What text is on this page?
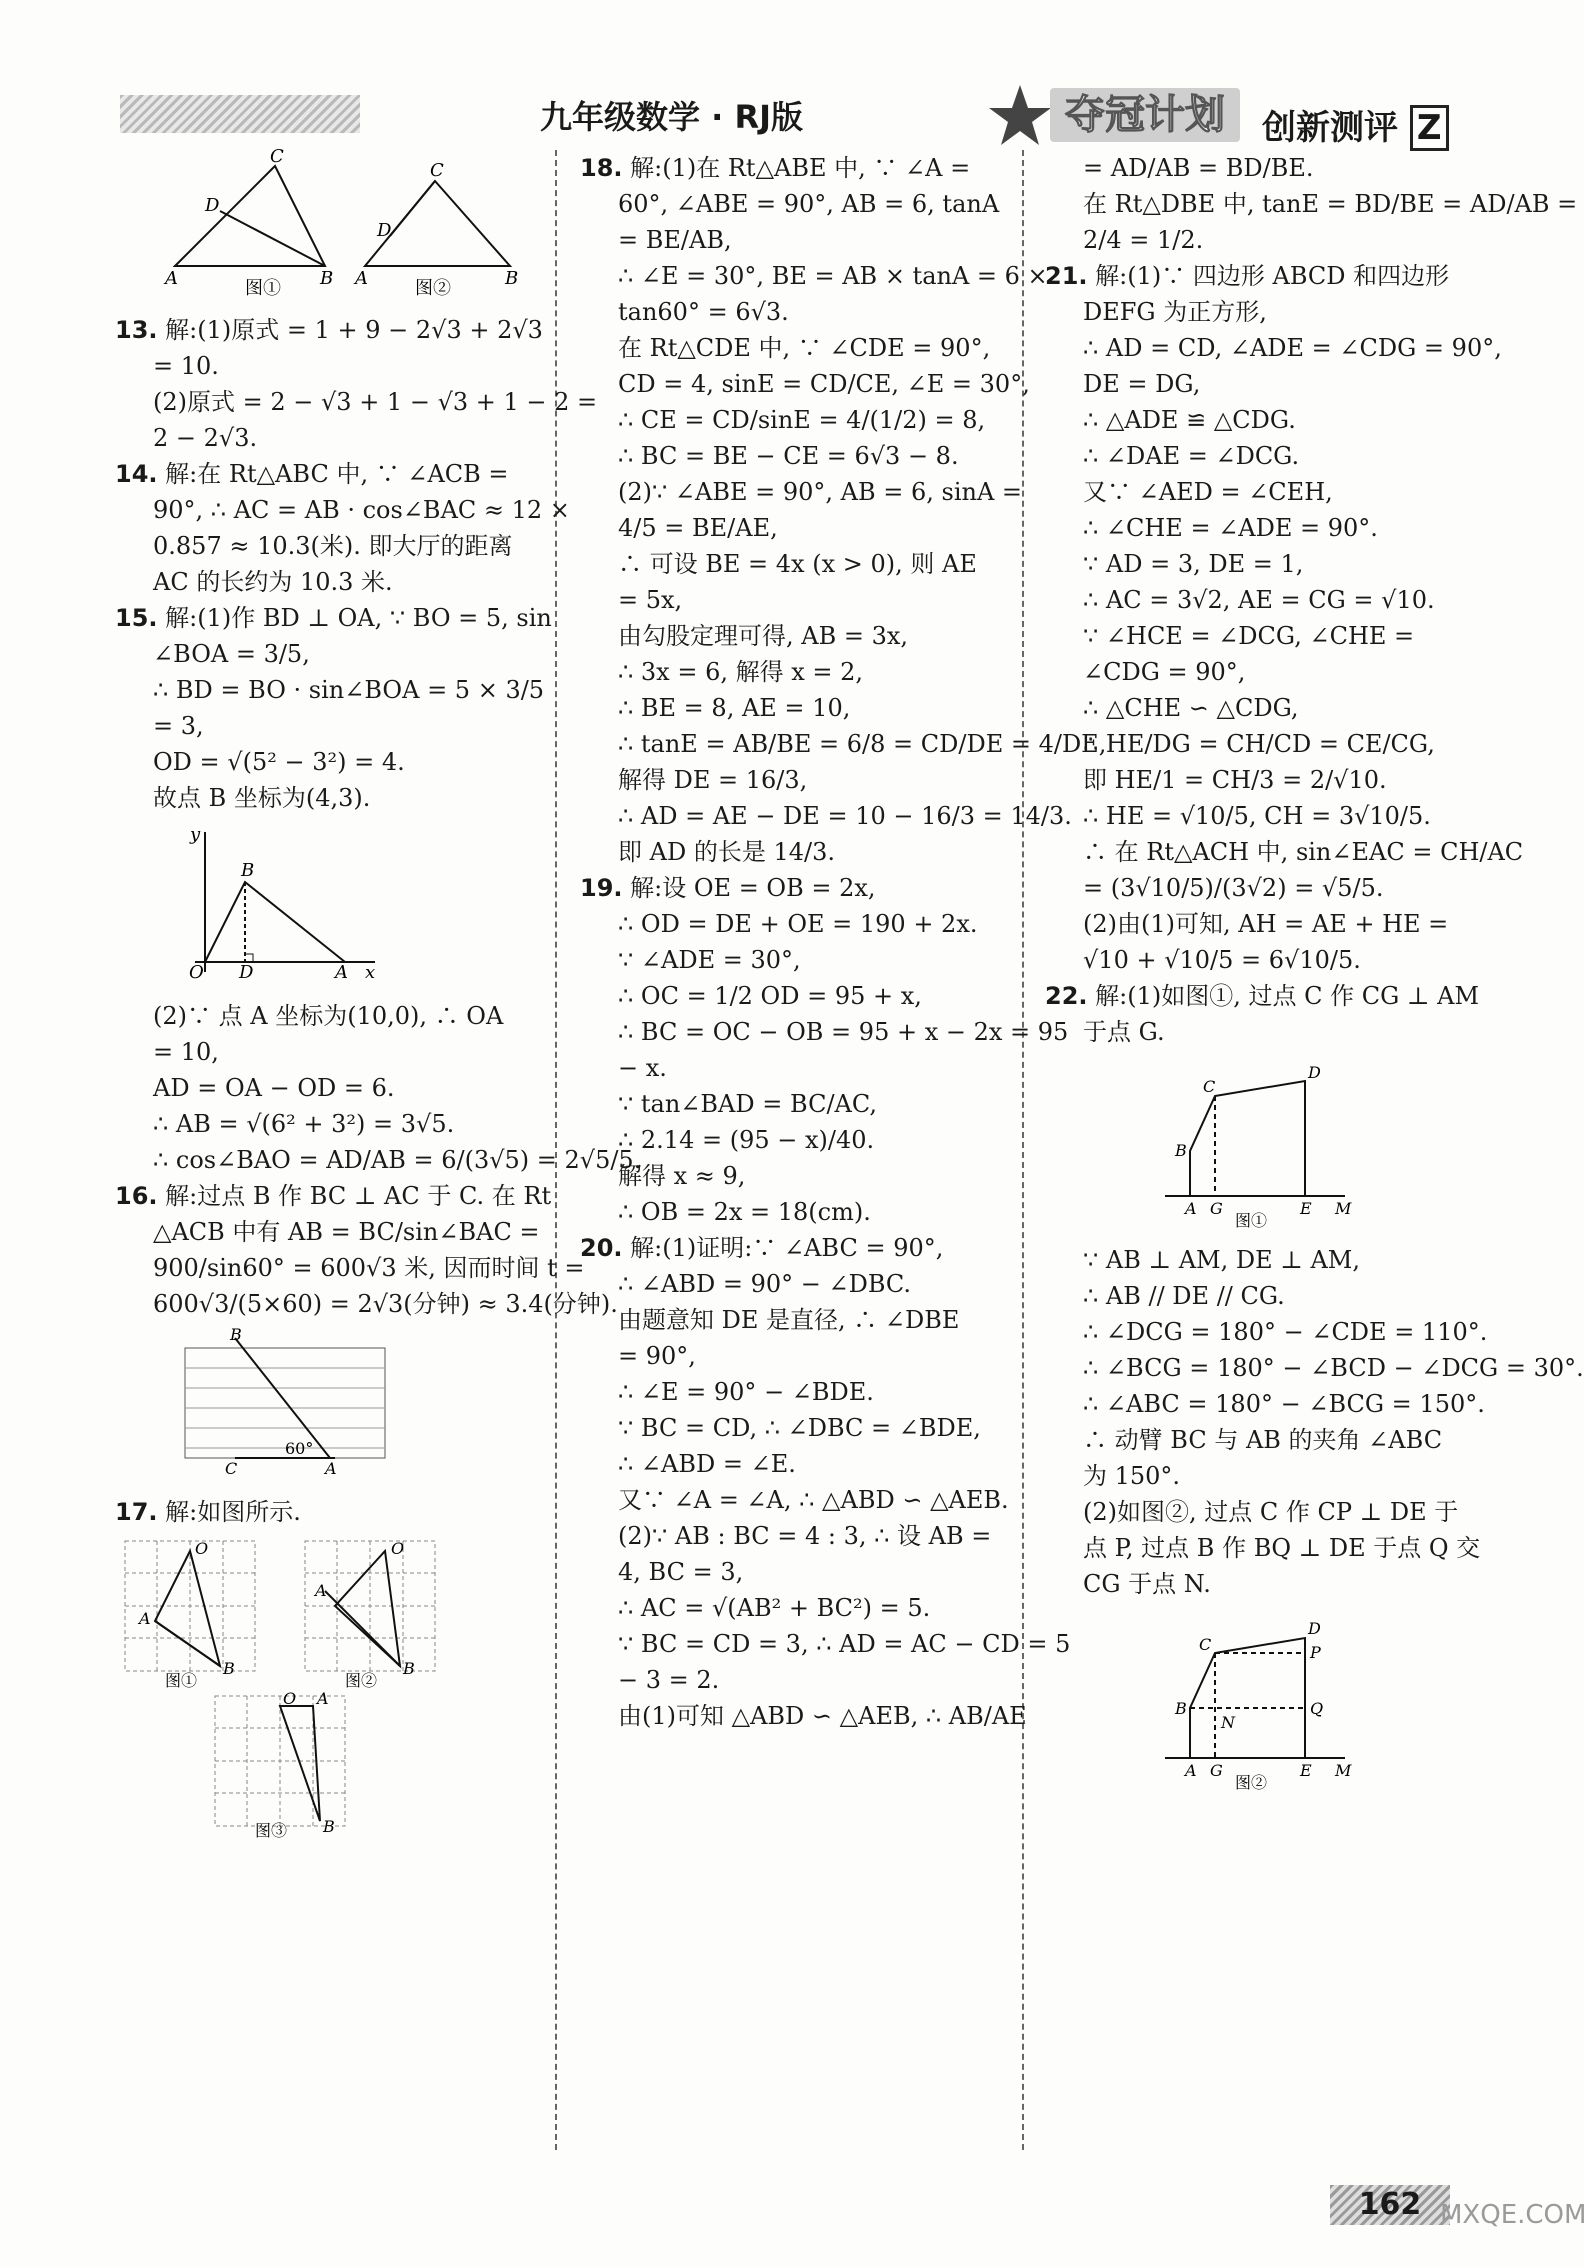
九年级数学 · RJ版	夺冠计划	创新测评 Z
A
C
D
B A
C
D
B
图①	图②
13. 解:(1)原式 = 1 + 9 − 2√3 + 2√3
= 10.
(2)原式 = 2 − √3 + 1 − √3 + 1 − 2 =
2 − 2√3.
14. 解:在 Rt△ABC 中, ∵ ∠ACB =
90°, ∴ AC = AB · cos∠BAC ≈ 12 ×
0.857 ≈ 10.3(米). 即大厅的距离
AC 的长约为 10.3 米.
15. 解:(1)作 BD ⊥ OA, ∵ BO = 5, sin
∠BOA = 3/5,
∴ BD = BO · sin∠BOA = 5 × 3/5
= 3,
OD = √(5² − 3²) = 4.
故点 B 坐标为(4,3).
O D	A x
y
B
(2)∵ 点 A 坐标为(10,0), ∴ OA
= 10,
AD = OA − OD = 6.
∴ AB = √(6² + 3²) = 3√5.
∴ cos∠BAO = AD/AB = 6/(3√5) = 2√5/5.
16. 解:过点 B 作 BC ⊥ AC 于 C. 在 Rt
△ACB 中有 AB = BC/sin∠BAC =
900/sin60° = 600√3 米, 因而时间 t =
600√3/(5×60) = 2√3(分钟) ≈ 3.4(分钟).
B
C	A
60°
17. 解:如图所示.
O
A
B
O
A
B
O A
B
图①	图②
图③
18. 解:(1)在 Rt△ABE 中, ∵ ∠A =
60°, ∠ABE = 90°, AB = 6, tanA
= BE/AB,
∴ ∠E = 30°, BE = AB × tanA = 6 ×
tan60° = 6√3.
在 Rt△CDE 中, ∵ ∠CDE = 90°,
CD = 4, sinE = CD/CE, ∠E = 30°,
∴ CE = CD/sinE = 4/(1/2) = 8,
∴ BC = BE − CE = 6√3 − 8.
(2)∵ ∠ABE = 90°, AB = 6, sinA =
4/5 = BE/AE,
∴ 可设 BE = 4x (x > 0), 则 AE
= 5x,
由勾股定理可得, AB = 3x,
∴ 3x = 6, 解得 x = 2,
∴ BE = 8, AE = 10,
∴ tanE = AB/BE = 6/8 = CD/DE = 4/DE,
解得 DE = 16/3,
∴ AD = AE − DE = 10 − 16/3 = 14/3.
即 AD 的长是 14/3.
19. 解:设 OE = OB = 2x,
∴ OD = DE + OE = 190 + 2x.
∵ ∠ADE = 30°,
∴ OC = 1/2 OD = 95 + x,
∴ BC = OC − OB = 95 + x − 2x = 95
− x.
∵ tan∠BAD = BC/AC,
∴ 2.14 = (95 − x)/40.
解得 x ≈ 9,
∴ OB = 2x = 18(cm).
20. 解:(1)证明:∵ ∠ABC = 90°,
∴ ∠ABD = 90° − ∠DBC.
由题意知 DE 是直径, ∴ ∠DBE
= 90°,
∴ ∠E = 90° − ∠BDE.
∵ BC = CD, ∴ ∠DBC = ∠BDE,
∴ ∠ABD = ∠E.
又∵ ∠A = ∠A, ∴ △ABD ∽ △AEB.
(2)∵ AB : BC = 4 : 3, ∴ 设 AB =
4, BC = 3,
∴ AC = √(AB² + BC²) = 5.
∵ BC = CD = 3, ∴ AD = AC − CD = 5
− 3 = 2.
由(1)可知 △ABD ∽ △AEB, ∴ AB/AE
= AD/AB = BD/BE.
在 Rt△DBE 中, tanE = BD/BE = AD/AB =
2/4 = 1/2.
21. 解:(1)∵ 四边形 ABCD 和四边形
DEFG 为正方形,
∴ AD = CD, ∠ADE = ∠CDG = 90°,
DE = DG,
∴ △ADE ≌ △CDG.
∴ ∠DAE = ∠DCG.
又∵ ∠AED = ∠CEH,
∴ ∠CHE = ∠ADE = 90°.
∵ AD = 3, DE = 1,
∴ AC = 3√2, AE = CG = √10.
∵ ∠HCE = ∠DCG, ∠CHE =
∠CDG = 90°,
∴ △CHE ∽ △CDG,
∴ HE/DG = CH/CD = CE/CG,
即 HE/1 = CH/3 = 2/√10.
∴ HE = √10/5, CH = 3√10/5.
∴ 在 Rt△ACH 中, sin∠EAC = CH/AC
= (3√10/5)/(3√2) = √5/5.
(2)由(1)可知, AH = AE + HE =
√10 + √10/5 = 6√10/5.
22. 解:(1)如图①, 过点 C 作 CG ⊥ AM
于点 G.
A G	E M
B
C
D
图①
∵ AB ⊥ AM, DE ⊥ AM,
∴ AB // DE // CG.
∴ ∠DCG = 180° − ∠CDE = 110°.
∴ ∠BCG = 180° − ∠BCD − ∠DCG = 30°.
∴ ∠ABC = 180° − ∠BCG = 150°.
∴ 动臂 BC 与 AB 的夹角 ∠ABC
为 150°.
(2)如图②, 过点 C 作 CP ⊥ DE 于
点 P, 过点 B 作 BQ ⊥ DE 于点 Q 交
CG 于点 N.
A G	E M
B
C
D
P
Q
N
图②
162 MXQE.COM
